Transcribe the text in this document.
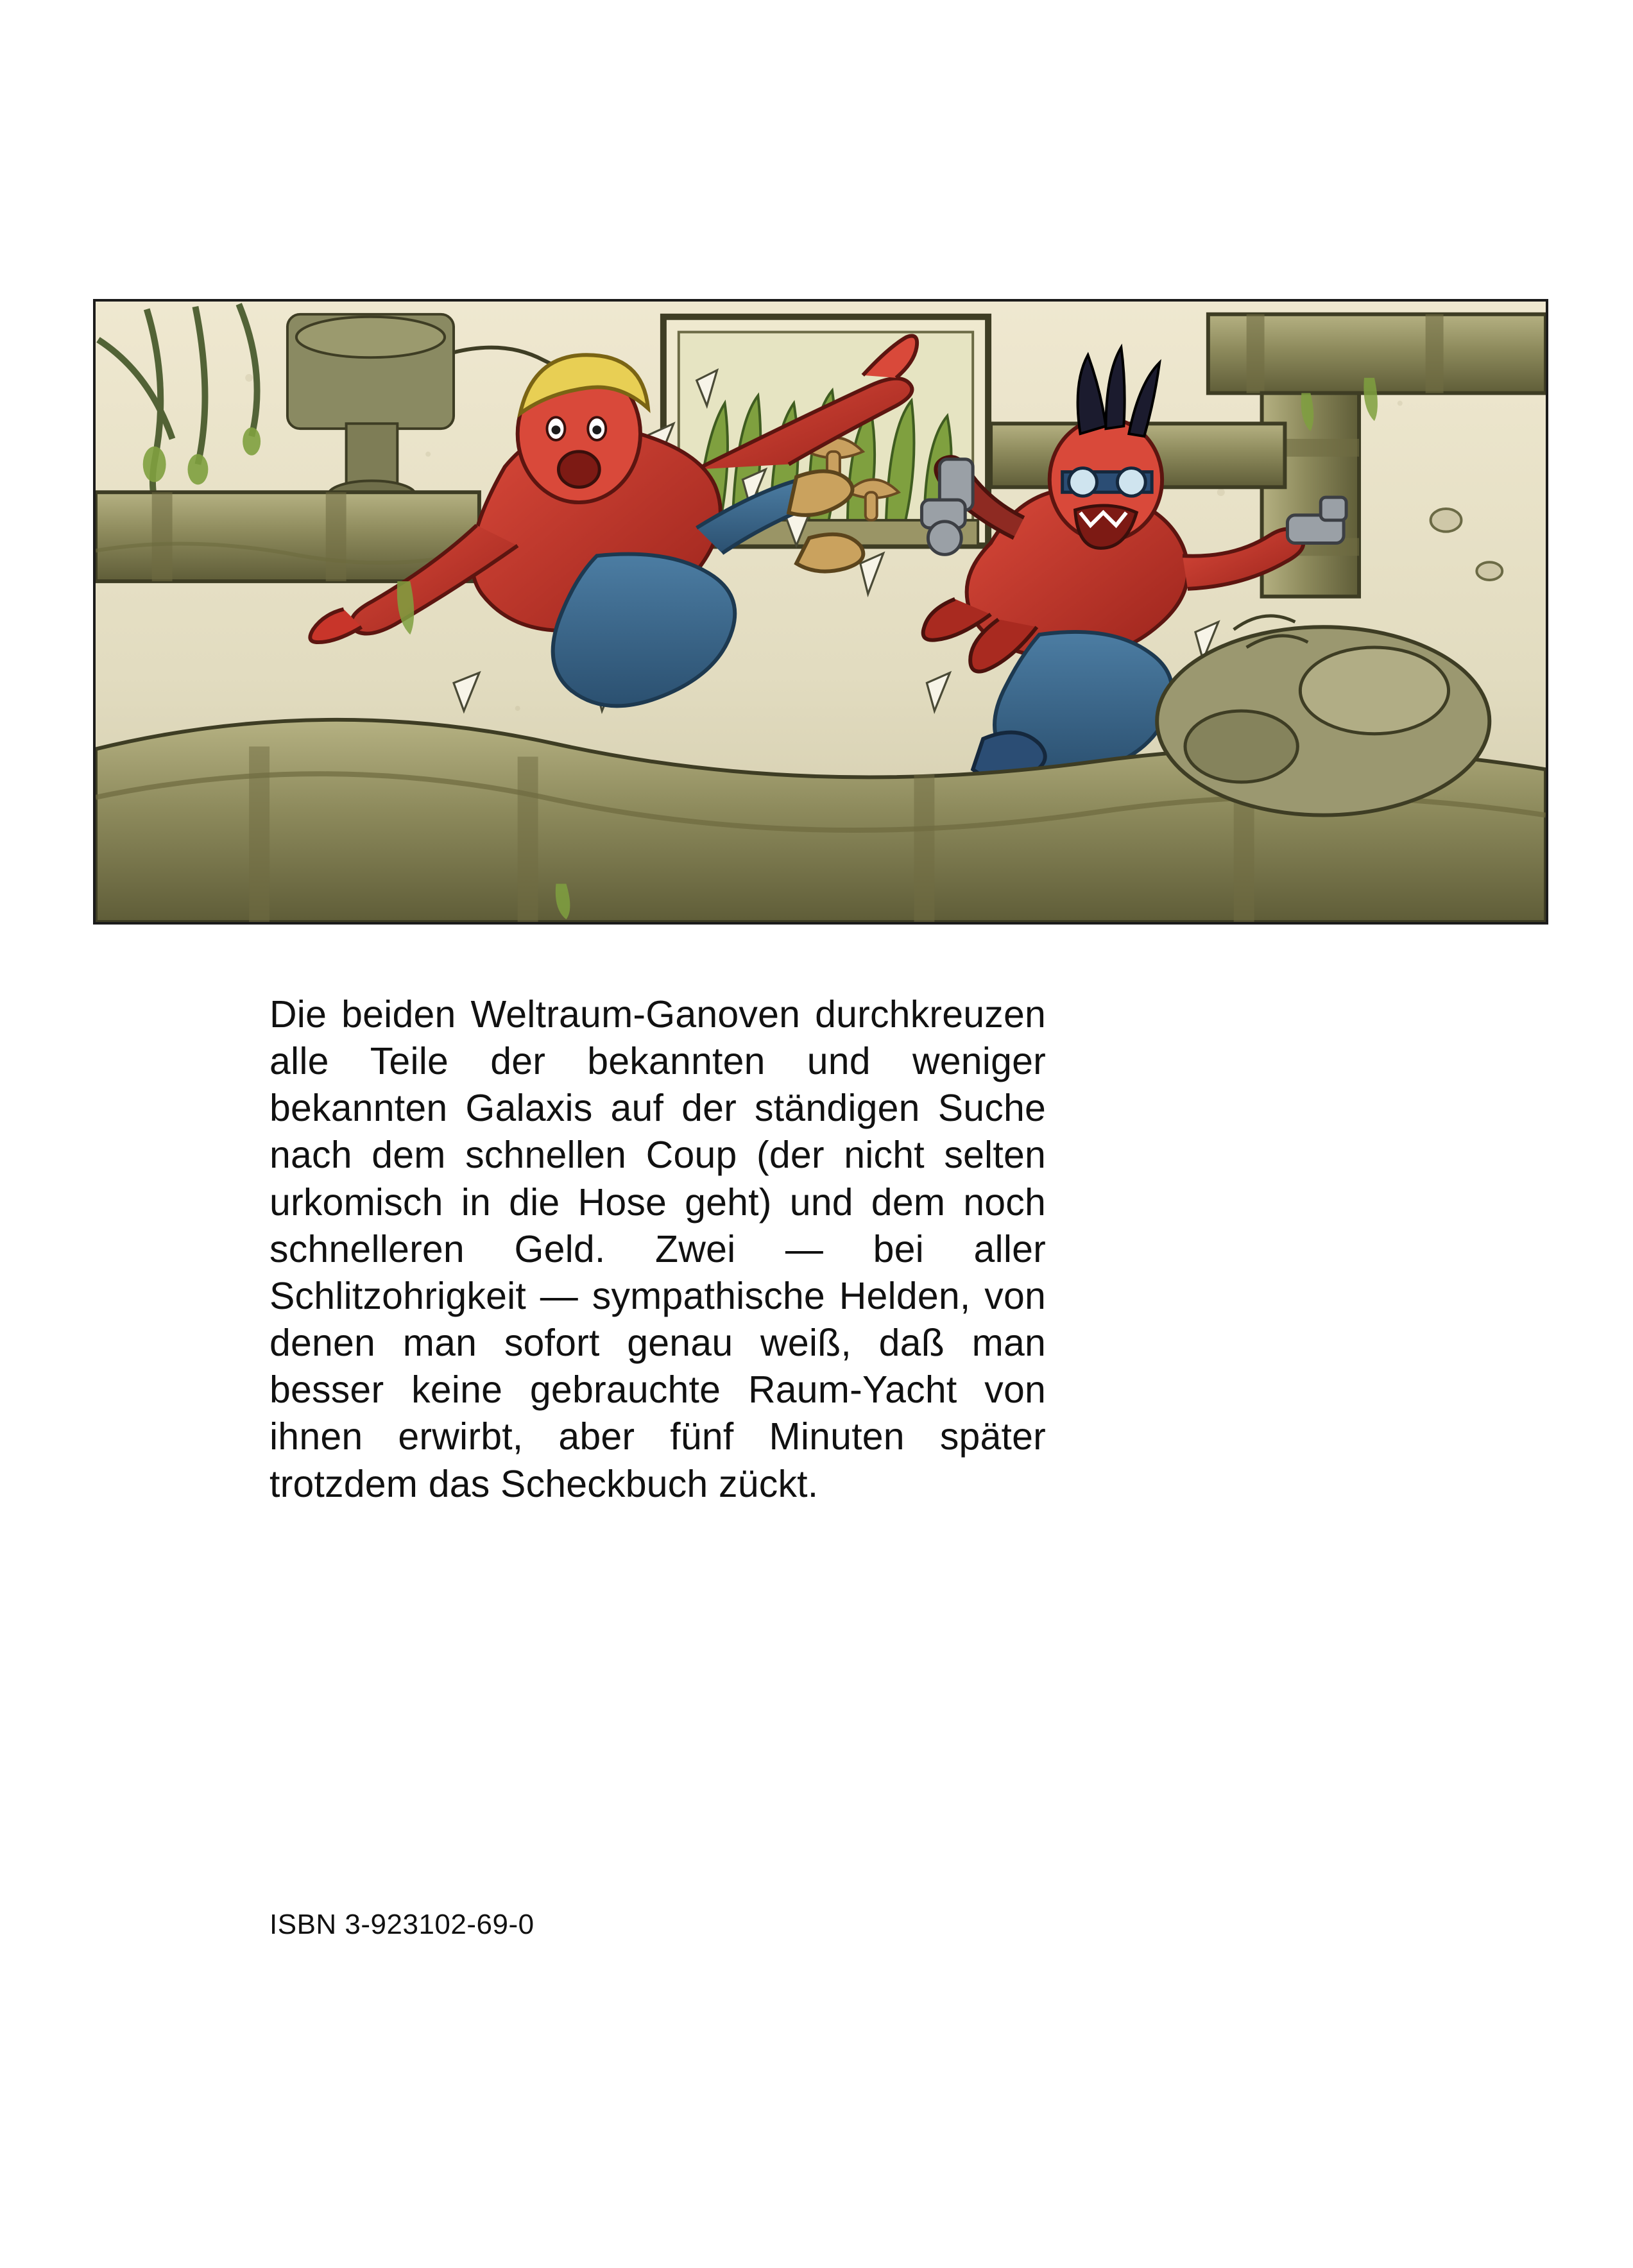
Die beiden Weltraum-Ganoven durchkreuzen alle Teile der bekannten und weniger bekannten Galaxis auf der ständigen Suche nach dem schnellen Coup (der nicht selten urkomisch in die Hose geht) und dem noch schnelleren Geld. Zwei — bei aller Schlitzohrigkeit — sympathische Helden, von denen man sofort genau weiß, daß man besser keine gebrauchte Raum-Yacht von ihnen erwirbt, aber fünf Minuten später trotzdem das Scheckbuch zückt.

ISBN 3-923102-69-0
